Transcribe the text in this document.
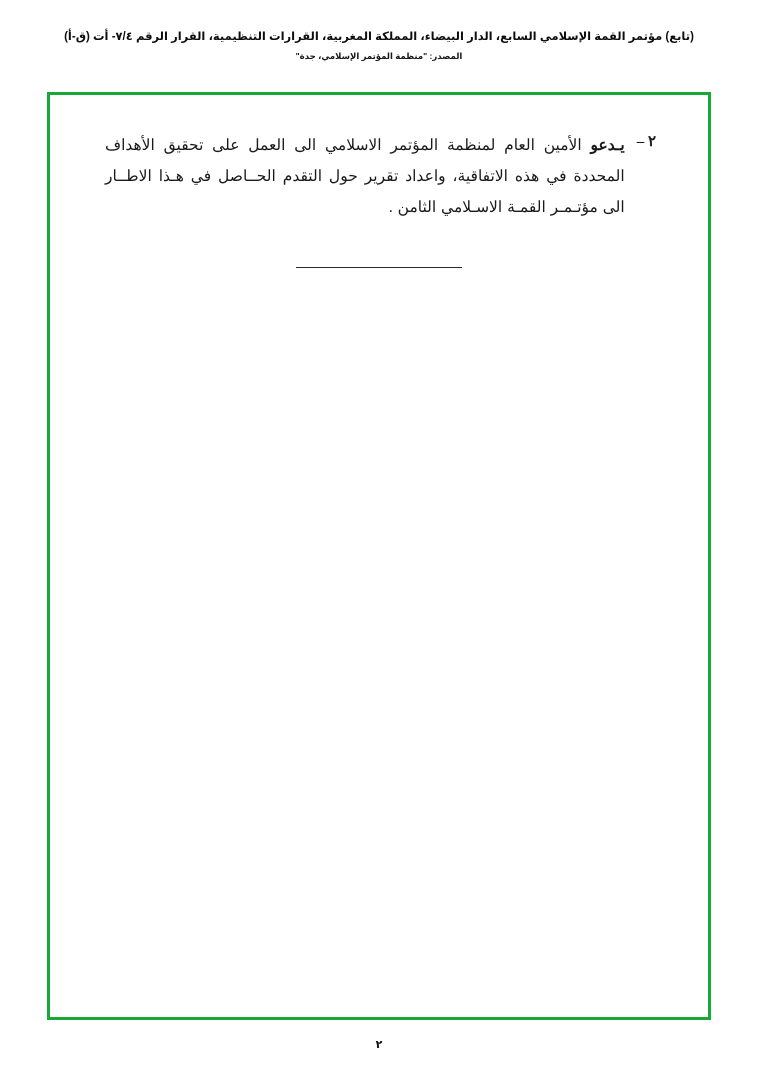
(تابع) مؤتمر القمة الإسلامي السابع، الدار البيضاء، المملكة المغربية، القرارات التنظيمية، القرار الرقم ٧/٤- أت (ق-أ)
المصدر: "منظمة المؤتمر الإسلامي، جدة"
٢ –
يـدعو الأمين العام لمنظمة المؤتمر الاسلامي الى العمل على تحقيق الأهداف المحددة في هذه الاتفاقية، واعداد تقرير حول التقدم الحــاصل في هـذا الاطــار الى مؤتـمـر القمـة الاسـلامي الثامن .
٢
